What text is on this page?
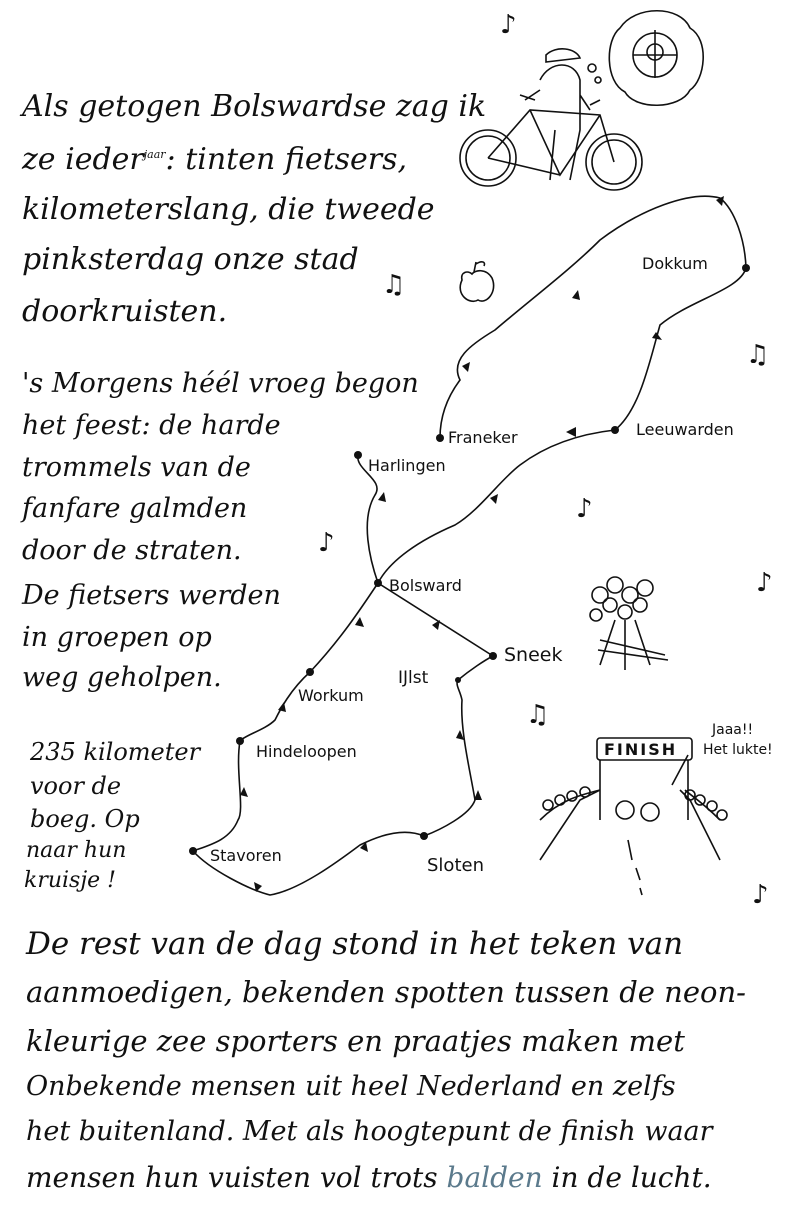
Als getogen Bolswardse zag ik
ze ieder$^{jaar}$: tinten fietsers,
kilometerslang, die tweede
pinksterdag onze stad
doorkruisten.
's Morgens héél vroeg begon
het feest: de harde
trommels van de
fanfare galmden
door de straten.
De fietsers werden
in groepen op
weg geholpen.
235 kilometer
voor de
boeg. Op
naar hun
kruisje !
Dokkum
Leeuwarden
Franeker
Harlingen
Bolsward
Sneek
IJlst
Workum
Hindeloopen
Stavoren	Sloten
FINISH
Jaaa!!
Het lukte!
♪
♫
♫
♪
♪
♪
♫
♪
De rest van de dag stond in het teken van
aanmoedigen, bekenden spotten tussen de neon-
kleurige zee sporters en praatjes maken met
Onbekende mensen uit heel Nederland en zelfs
het buitenland. Met als hoogtepunt de finish waar
mensen hun vuisten vol trots balden in de lucht.
